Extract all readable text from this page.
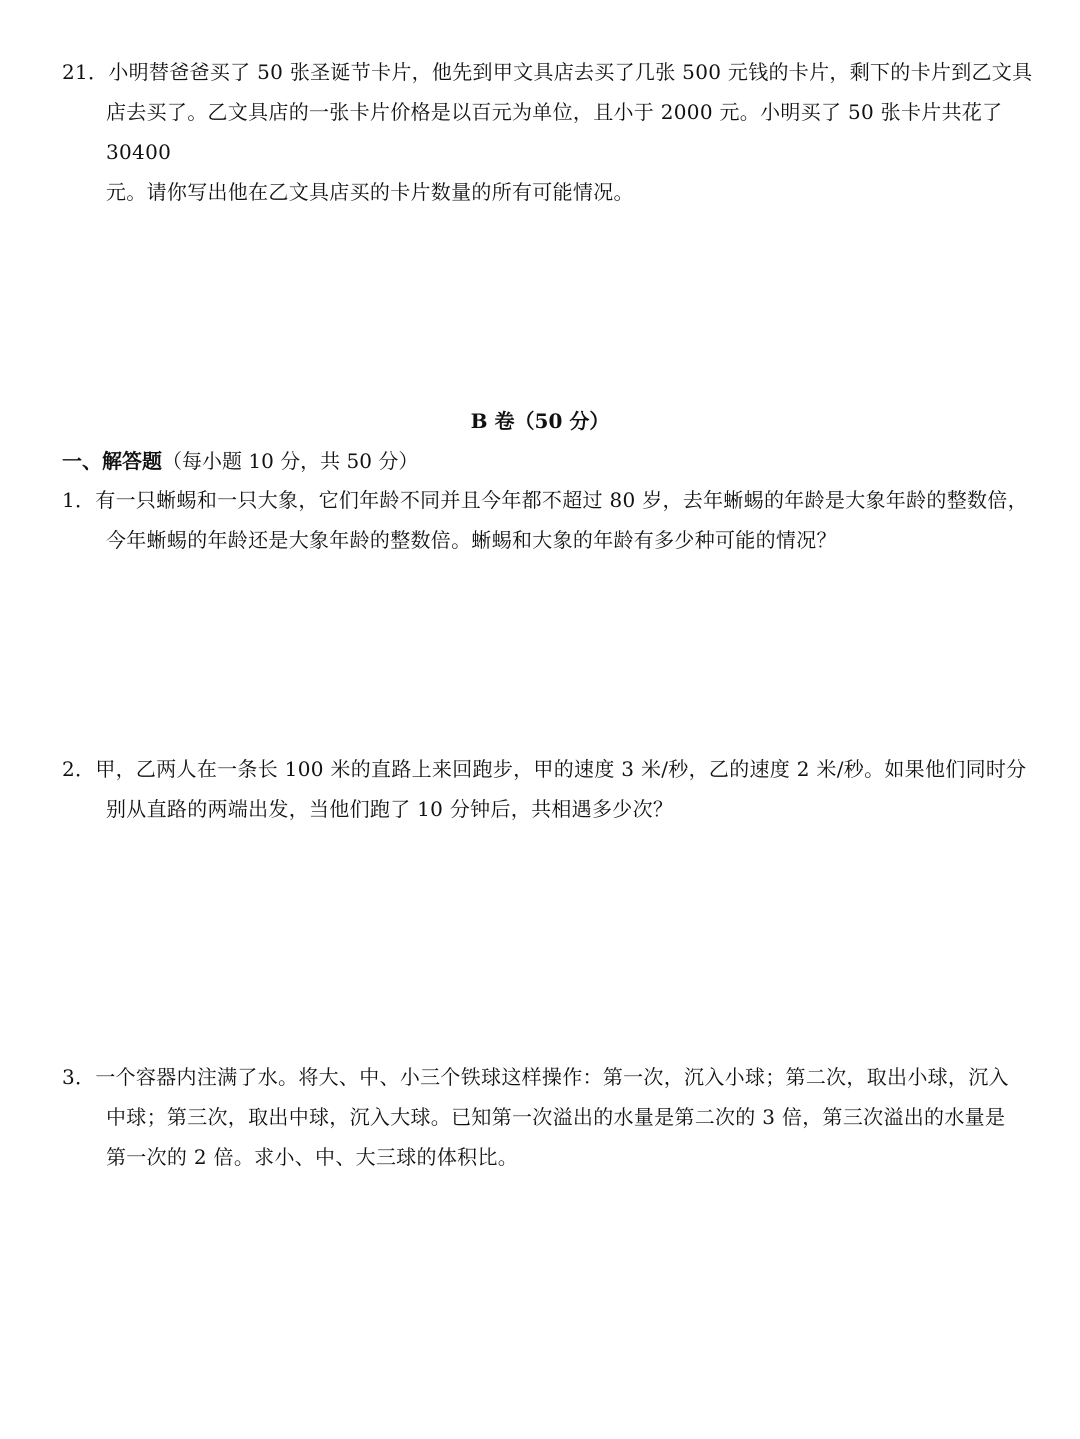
21．小明替爸爸买了 50 张圣诞节卡片，他先到甲文具店去买了几张 500 元钱的卡片，剩下的卡片到乙文具
店去买了。乙文具店的一张卡片价格是以百元为单位，且小于 2000 元。小明买了 50 张卡片共花了 30400
元。请你写出他在乙文具店买的卡片数量的所有可能情况。
B 卷（50 分）
一、解答题（每小题 10 分，共 50 分）
1．有一只蜥蜴和一只大象，它们年龄不同并且今年都不超过 80 岁，去年蜥蜴的年龄是大象年龄的整数倍，
今年蜥蜴的年龄还是大象年龄的整数倍。蜥蜴和大象的年龄有多少种可能的情况？
2．甲，乙两人在一条长 100 米的直路上来回跑步，甲的速度 3 米/秒，乙的速度 2 米/秒。如果他们同时分
别从直路的两端出发，当他们跑了 10 分钟后，共相遇多少次？
3．一个容器内注满了水。将大、中、小三个铁球这样操作：第一次，沉入小球；第二次，取出小球，沉入
中球；第三次，取出中球，沉入大球。已知第一次溢出的水量是第二次的 3 倍，第三次溢出的水量是
第一次的 2 倍。求小、中、大三球的体积比。
